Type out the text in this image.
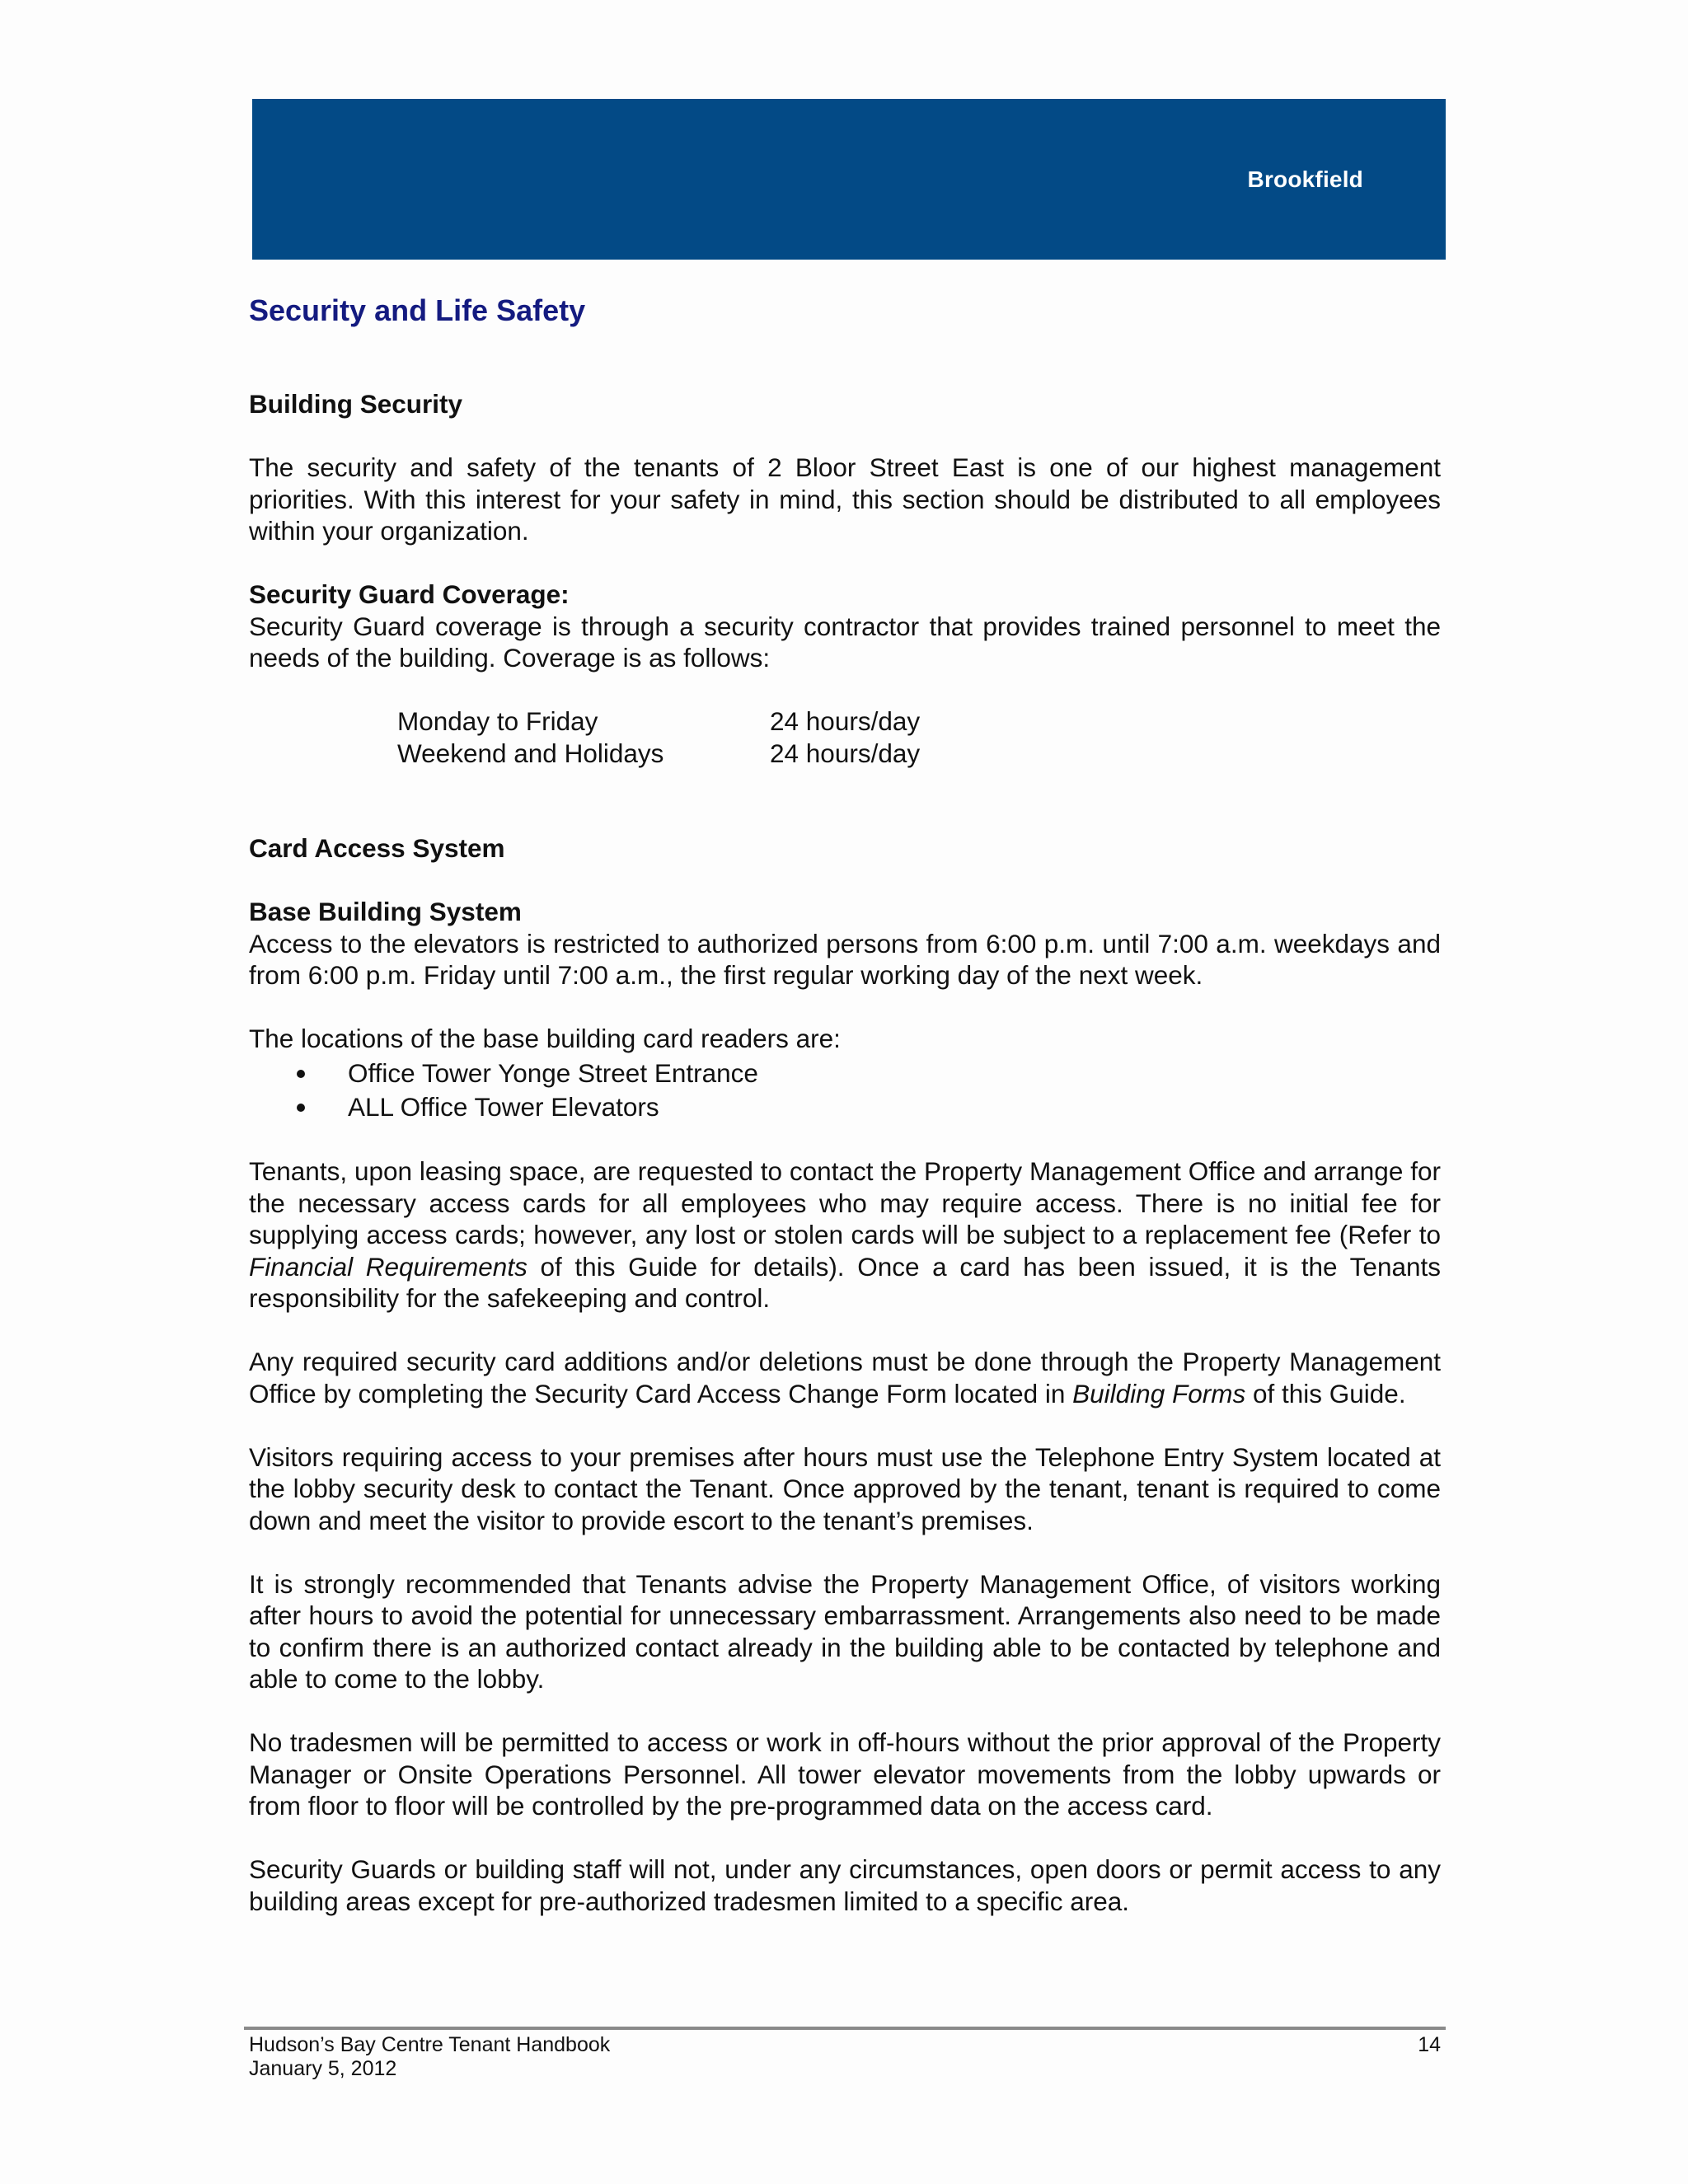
Brookfield
Security and Life Safety
Building Security

The security and safety of the tenants of 2 Bloor Street East is one of our highest management priorities. With this interest for your safety in mind, this section should be distributed to all employees within your organization.

Security Guard Coverage:

Security Guard coverage is through a security contractor that provides trained personnel to meet the needs of the building. Coverage is as follows:

Monday to Friday	24 hours/day
Weekend and Holidays	24 hours/day
Card Access System
Base Building System

Access to the elevators is restricted to authorized persons from 6:00 p.m. until 7:00 a.m. weekdays and from 6:00 p.m. Friday until 7:00 a.m., the first regular working day of the next week.

The locations of the base building card readers are:

Office Tower Yonge Street Entrance
ALL Office Tower Elevators

Tenants, upon leasing space, are requested to contact the Property Management Office and arrange for the necessary access cards for all employees who may require access. There is no initial fee for supplying access cards; however, any lost or stolen cards will be subject to a replacement fee (Refer to Financial Requirements of this Guide for details). Once a card has been issued, it is the Tenants responsibility for the safekeeping and control.

Any required security card additions and/or deletions must be done through the Property Management Office by completing the Security Card Access Change Form located in Building Forms of this Guide.

Visitors requiring access to your premises after hours must use the Telephone Entry System located at the lobby security desk to contact the Tenant. Once approved by the tenant, tenant is required to come down and meet the visitor to provide escort to the tenant’s premises.

It is strongly recommended that Tenants advise the Property Management Office, of visitors working after hours to avoid the potential for unnecessary embarrassment. Arrangements also need to be made to confirm there is an authorized contact already in the building able to be contacted by telephone and able to come to the lobby.

No tradesmen will be permitted to access or work in off-hours without the prior approval of the Property Manager or Onsite Operations Personnel. All tower elevator movements from the lobby upwards or from floor to floor will be controlled by the pre-programmed data on the access card.

Security Guards or building staff will not, under any circumstances, open doors or permit access to any building areas except for pre-authorized tradesmen limited to a specific area.

Hudson’s Bay Centre Tenant Handbook
January 5, 2012
14
